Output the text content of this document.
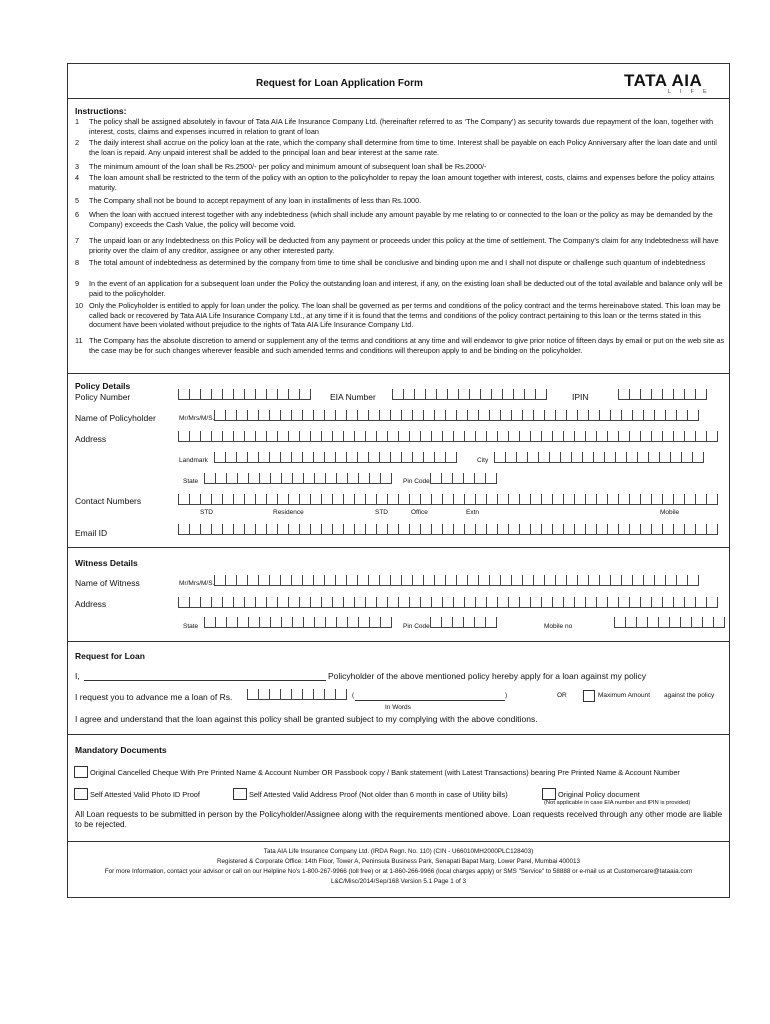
Request for Loan Application Form	TATA AIA
LIFE
Instructions:
1 The policy shall be assigned absolutely in favour of Tata AIA Life Insurance Company Ltd. (hereinafter referred to as ‘The Company’) as security towards due repayment of the loan, together with interest, costs, claims and expenses incurred in relation to grant of loan
2 The daily interest shall accrue on the policy loan at the rate, which the company shall determine from time to time. Interest shall be payable on each Policy Anniversary after the loan date and until the loan is repaid. Any unpaid interest shall be added to the principal loan and bear interest at the same rate.
3 The minimum amount of the loan shall be Rs.2500/- per policy and minimum amount of subsequent loan shall be Rs.2000/-
4 The loan amount shall be restricted to the term of the policy with an option to the policyholder to repay the loan amount together with interest, costs, claims and expenses before the policy attains maturity.
5 The Company shall not be bound to accept repayment of any loan in installments of less than Rs.1000.
6 When the loan with accrued interest together with any indebtedness (which shall include any amount payable by me relating to or connected to the loan or the policy as may be demanded by the Company) exceeds the Cash Value, the policy will become void.
7 The unpaid loan or any Indebtedness on this Policy will be deducted from any payment or proceeds under this policy at the time of settlement. The Company’s claim for any Indebtedness will have priority over the claim of any creditor, assignee or any other interested party.
8 The total amount of indebtedness as determined by the company from time to time shall be conclusive and binding upon me and I shall not dispute or challenge such quantum of indebtedness
9 In the event of an application for a subsequent loan under the Policy the outstanding loan and interest, if any, on the existing loan shall be deducted out of the total available and balance only will be paid to the policyholder.
10 Only the Policyholder is entitled to apply for loan under the policy. The loan shall be governed as per terms and conditions of the policy contract and the terms hereinabove stated. This loan may be called back or recovered by Tata AIA Life Insurance Company Ltd., at any time if it is found that the terms and conditions of the policy contract pertaining to this loan or the terms stated in this document have been violated without prejudice to the rights of Tata AIA Life Insurance Company Ltd.
11 The Company has the absolute discretion to amend or supplement any of the terms and conditions at any time and will endeavor to give prior notice of fifteen days by email or put on the web site as the case may be for such changes wherever feasible and such amended terms and conditions will thereupon apply to and be binding on the policyholder.
Policy Details
Policy Number	EIA Number	IPIN
Name of Policyholder	Mr/Mrs/M/S.
Address
Landmark	City
State	Pin Code
Contact Numbers
STD	Residence	STD	Office	Extn	Mobile
Email ID
Witness Details
Name of Witness	Mr/Mrs/M/S.
Address
State	Pin Code	Mobile no
Request for Loan
I,	Policyholder of the above mentioned policy hereby apply for a loan against my policy
I request you to advance me a loan of Rs.	(	)
In Words
OR	Maximum Amount against the policy
I agree and understand that the loan against this policy shall be granted subject to my complying with the above conditions.
Mandatory Documents
Original Cancelled Cheque With Pre Printed Name & Account Number OR Passbook copy / Bank statement (with Latest Transactions) bearing Pre Printed Name & Account Number
Self Attested Valid Photo ID Proof	Self Attested Valid Address Proof (Not older than 6 month in case of Utility bills)	Original Policy document
(Not applicable in case EIA number and IPIN is provided)
All Loan requests to be submitted in person by the Policyholder/Assignee along with the requirements mentioned above. Loan requests received through any other mode are liable to be rejected.
Tata AIA Life Insurance Company Ltd. (IRDA Regn. No. 110) (CIN - U66010MH2000PLC128403)
Registered & Corporate Office: 14th Floor, Tower A, Peninsula Business Park, Senapati Bapat Marg, Lower Parel, Mumbai 400013
For more Information, contact your advisor or call on our Helpline No's 1-800-267-9966 (toll free) or at 1-860-266-9966 (local charges apply) or SMS "Service" to 58888 or e-mail us at Customercare@tataaia.com
L&C/Misc/2014/Sep/168 Version 5.1 Page 1 of 3
